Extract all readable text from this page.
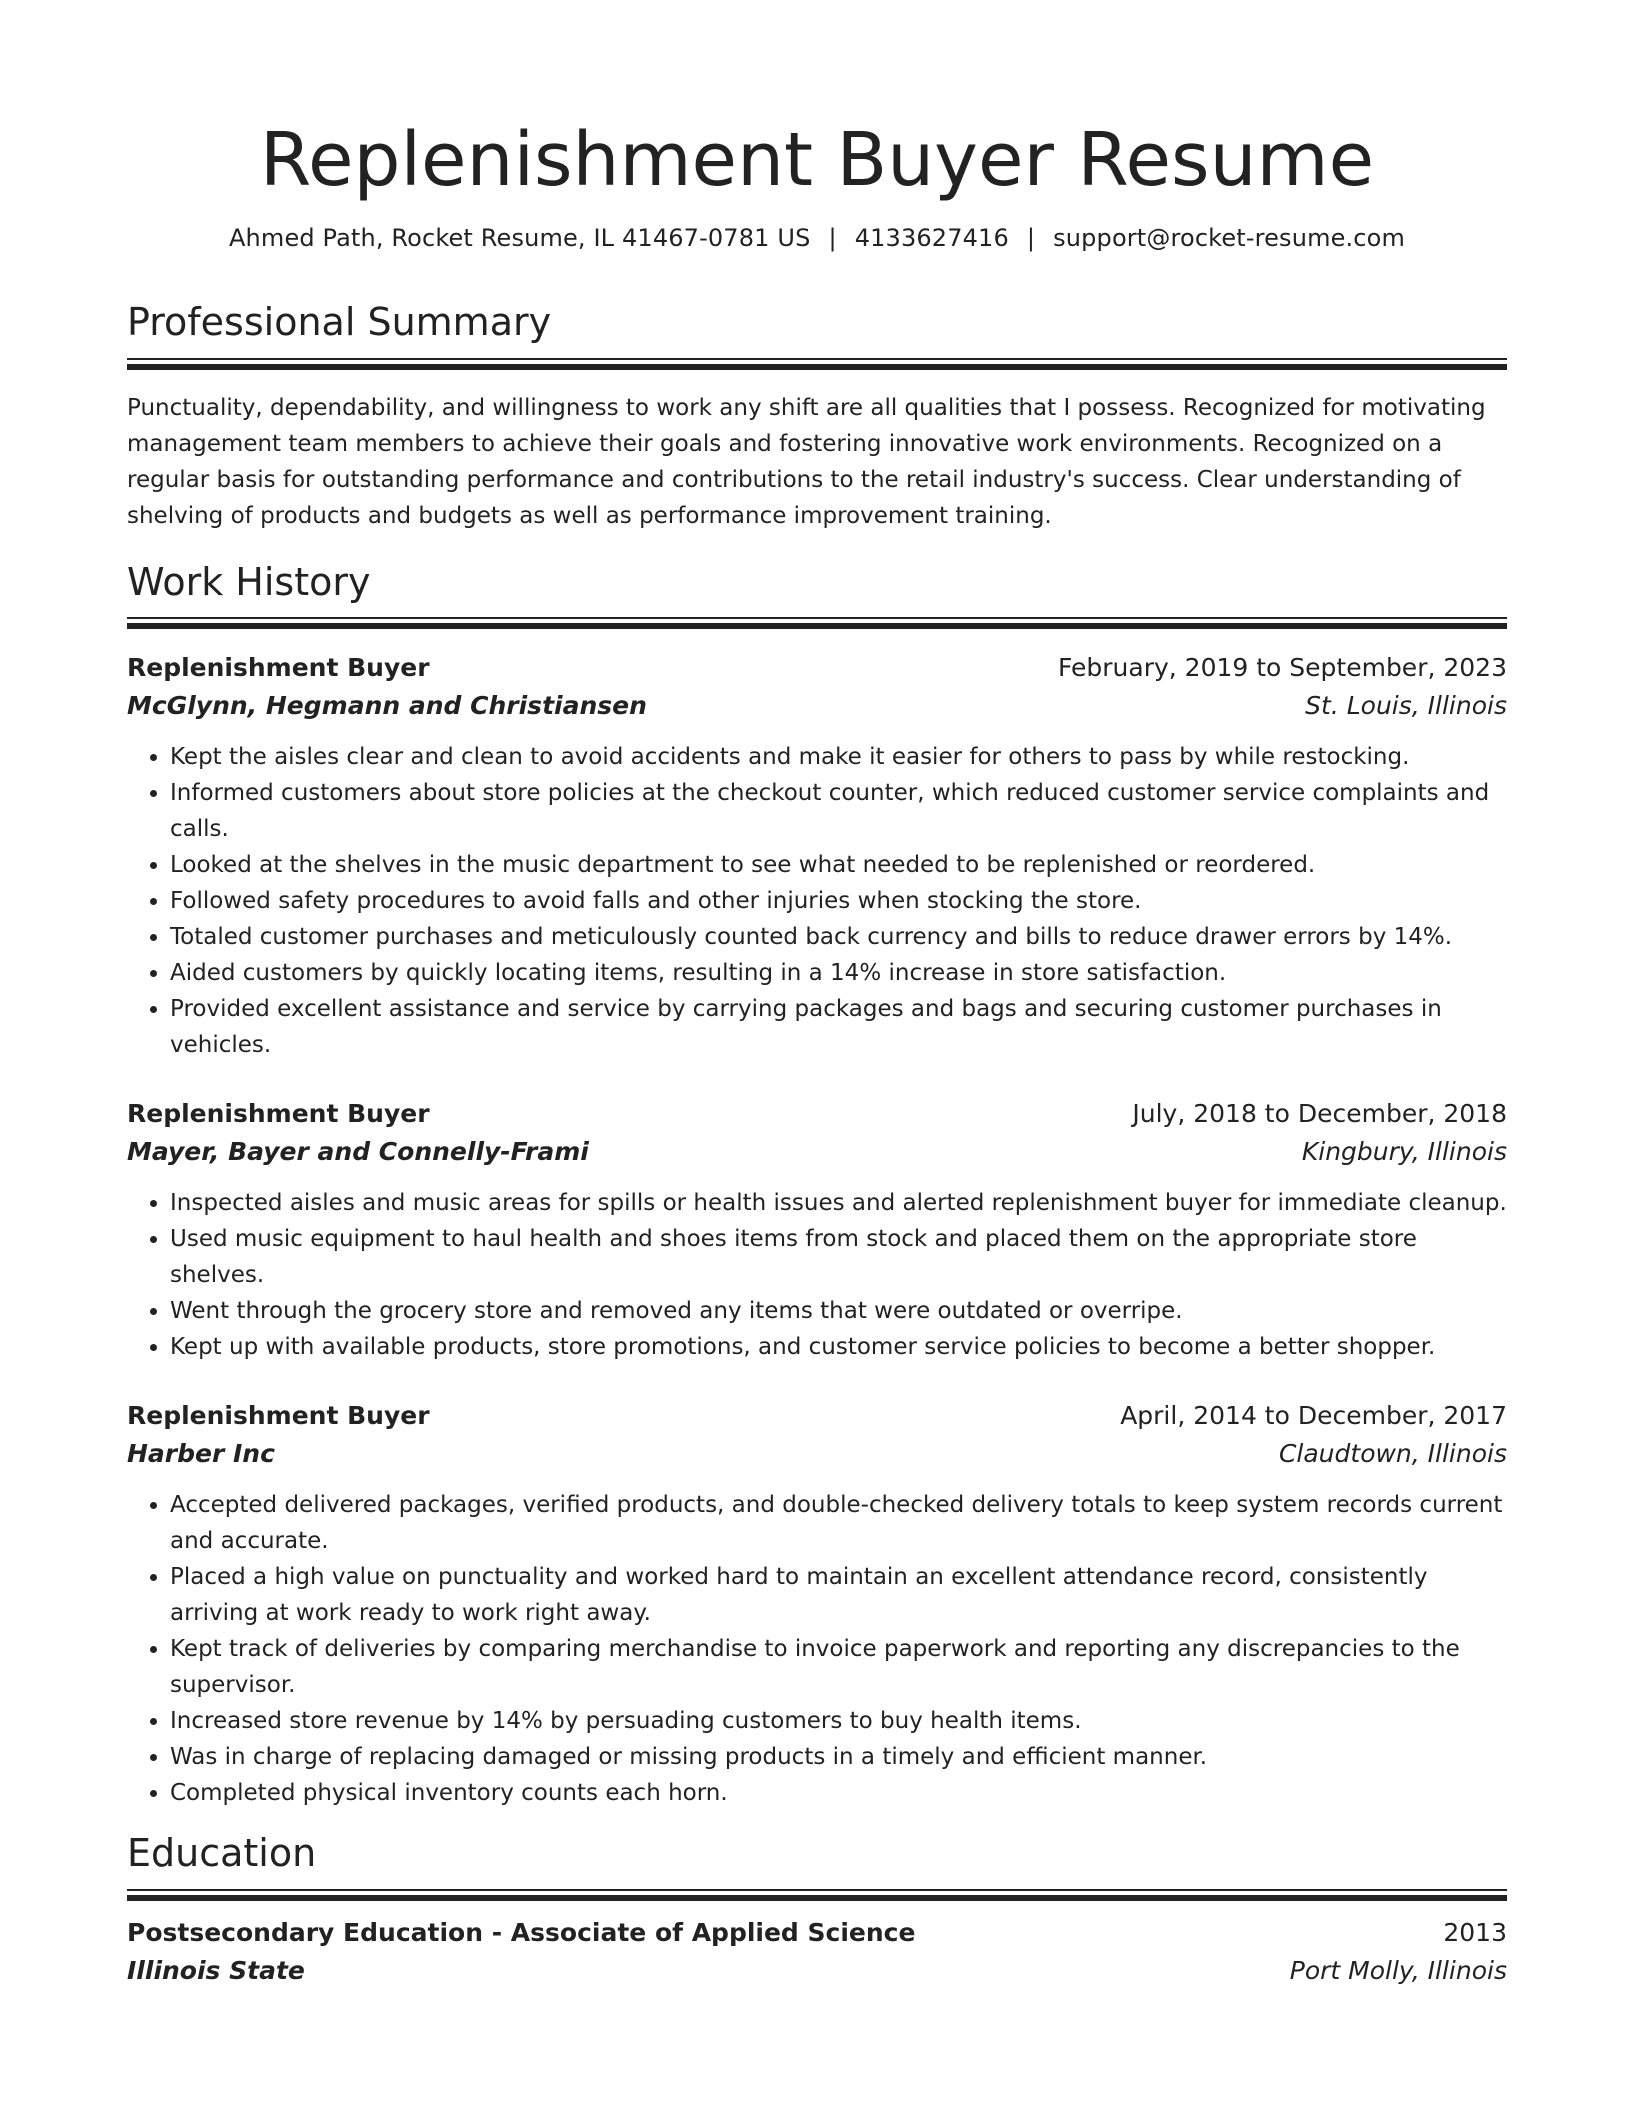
Replenishment Buyer Resume
Ahmed Path, Rocket Resume, IL 41467-0781 US | 4133627416 | support@rocket-resume.com
Professional Summary

Punctuality, dependability, and willingness to work any shift are all qualities that I possess. Recognized for motivating management team members to achieve their goals and fostering innovative work environments. Recognized on a regular basis for outstanding performance and contributions to the retail industry's success. Clear understanding of shelving of products and budgets as well as performance improvement training.

Work History
Replenishment Buyer	February, 2019 to September, 2023
McGlynn, Hegmann and Christiansen	St. Louis, Illinois
• Kept the aisles clear and clean to avoid accidents and make it easier for others to pass by while restocking.
• Informed customers about store policies at the checkout counter, which reduced customer service complaints and calls.
• Looked at the shelves in the music department to see what needed to be replenished or reordered.
• Followed safety procedures to avoid falls and other injuries when stocking the store.
• Totaled customer purchases and meticulously counted back currency and bills to reduce drawer errors by 14%.
• Aided customers by quickly locating items, resulting in a 14% increase in store satisfaction.
• Provided excellent assistance and service by carrying packages and bags and securing customer purchases in vehicles.
Replenishment Buyer	July, 2018 to December, 2018
Mayer, Bayer and Connelly-Frami	Kingbury, Illinois
• Inspected aisles and music areas for spills or health issues and alerted replenishment buyer for immediate cleanup.
• Used music equipment to haul health and shoes items from stock and placed them on the appropriate store shelves.
• Went through the grocery store and removed any items that were outdated or overripe.
• Kept up with available products, store promotions, and customer service policies to become a better shopper.
Replenishment Buyer	April, 2014 to December, 2017
Harber Inc	Claudtown, Illinois
• Accepted delivered packages, verified products, and double-checked delivery totals to keep system records current and accurate.
• Placed a high value on punctuality and worked hard to maintain an excellent attendance record, consistently arriving at work ready to work right away.
• Kept track of deliveries by comparing merchandise to invoice paperwork and reporting any discrepancies to the supervisor.
• Increased store revenue by 14% by persuading customers to buy health items.
• Was in charge of replacing damaged or missing products in a timely and efficient manner.
• Completed physical inventory counts each horn.
Education
Postsecondary Education - Associate of Applied Science	2013
Illinois State	Port Molly, Illinois
